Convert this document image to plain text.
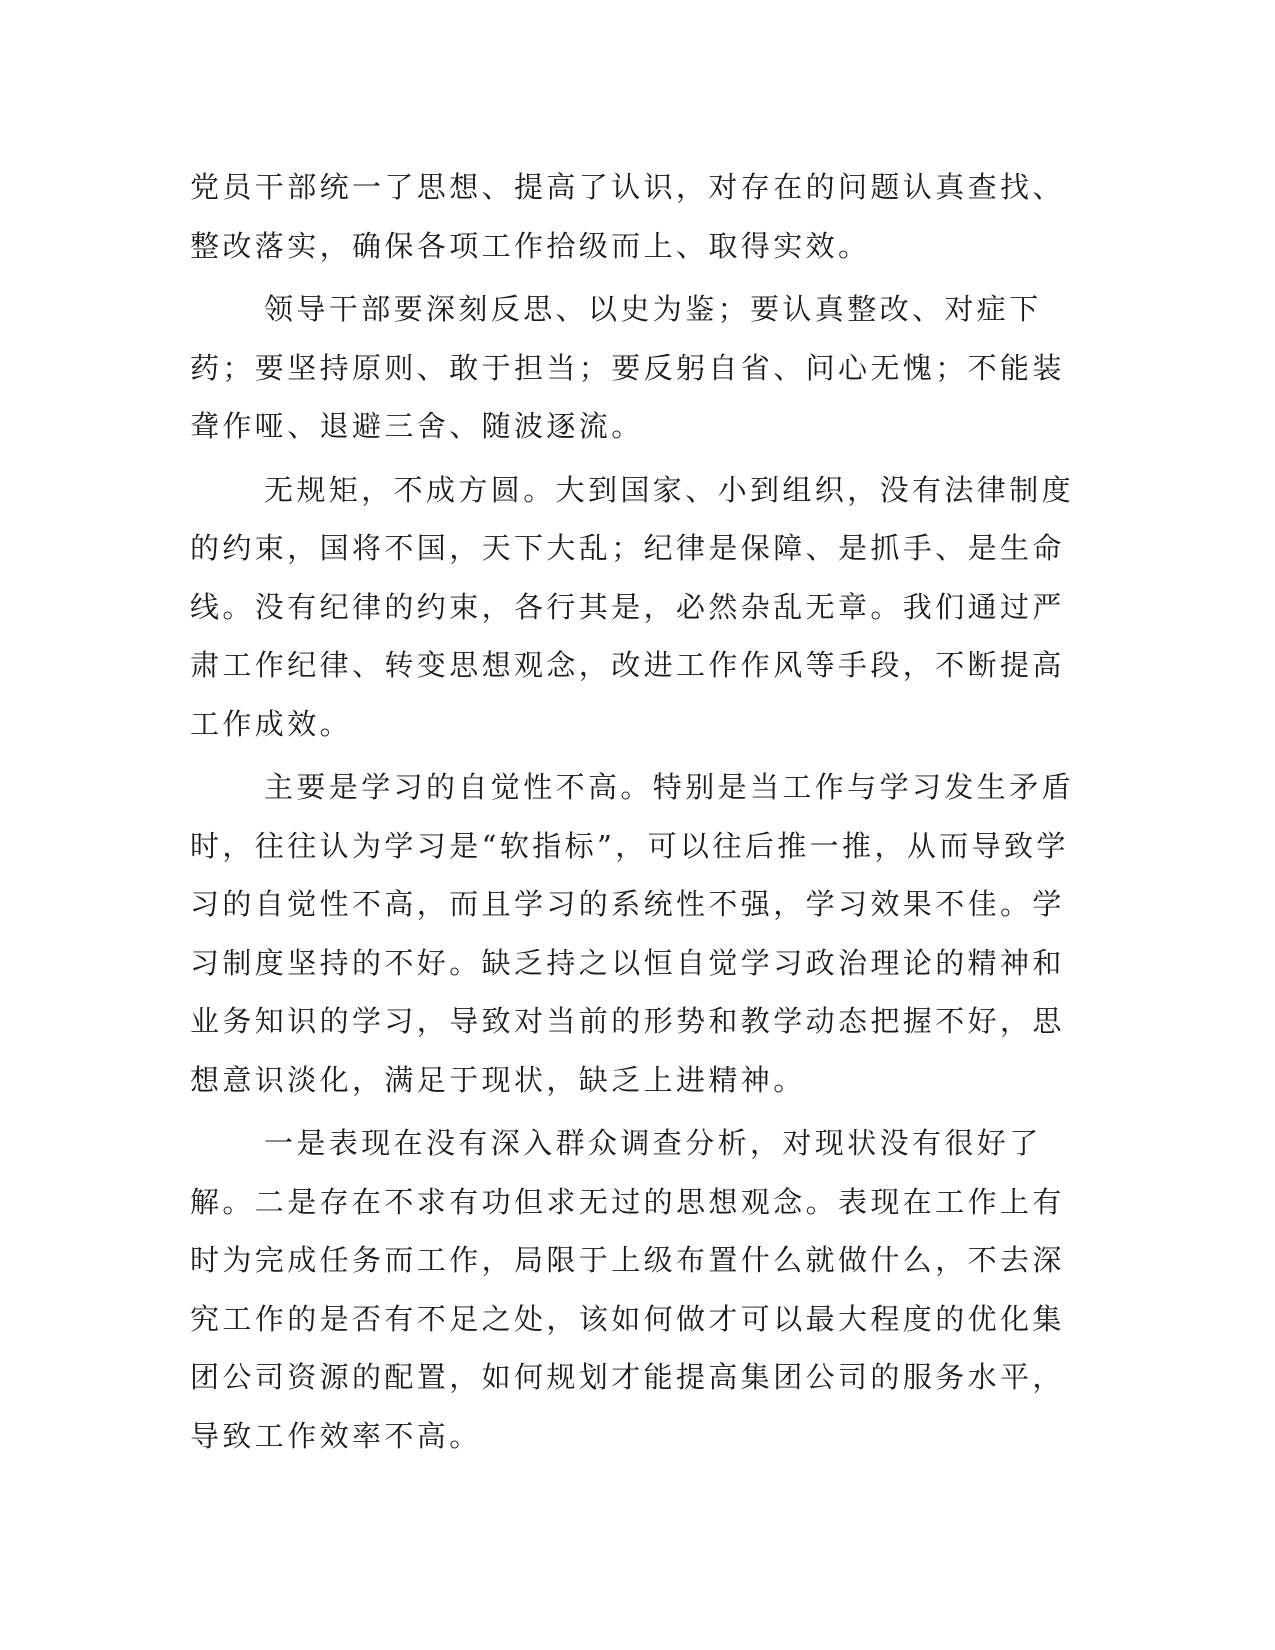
党员干部统一了思想、提高了认识，对存在的问题认真查找、整改落实，确保各项工作拾级而上、取得实效。

领导干部要深刻反思、以史为鉴；要认真整改、对症下药；要坚持原则、敢于担当；要反躬自省、问心无愧；不能装聋作哑、退避三舍、随波逐流。

无规矩，不成方圆。大到国家、小到组织，没有法律制度的约束，国将不国，天下大乱；纪律是保障、是抓手、是生命线。没有纪律的约束，各行其是，必然杂乱无章。我们通过严肃工作纪律、转变思想观念，改进工作作风等手段，不断提高工作成效。

主要是学习的自觉性不高。特别是当工作与学习发生矛盾时，往往认为学习是“软指标”，可以往后推一推，从而导致学习的自觉性不高，而且学习的系统性不强，学习效果不佳。学习制度坚持的不好。缺乏持之以恒自觉学习政治理论的精神和业务知识的学习，导致对当前的形势和教学动态把握不好，思想意识淡化，满足于现状，缺乏上进精神。

一是表现在没有深入群众调查分析，对现状没有很好了解。二是存在不求有功但求无过的思想观念。表现在工作上有时为完成任务而工作，局限于上级布置什么就做什么，不去深究工作的是否有不足之处，该如何做才可以最大程度的优化集团公司资源的配置，如何规划才能提高集团公司的服务水平，导致工作效率不高。
